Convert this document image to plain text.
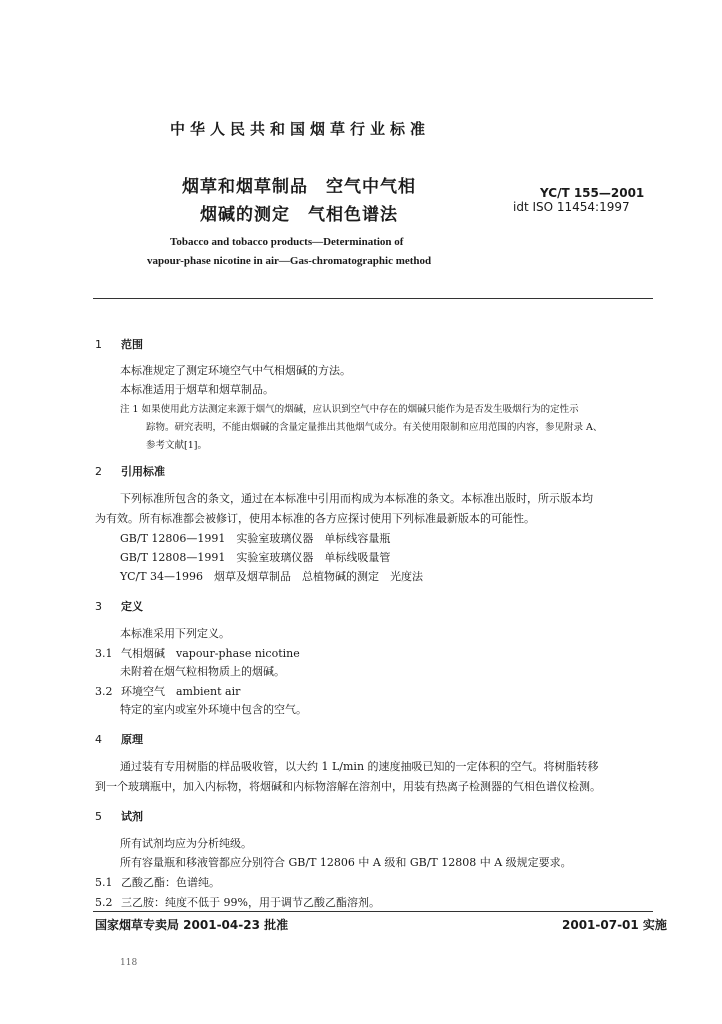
中华人民共和国烟草行业标准
烟草和烟草制品　空气中气相
烟碱的测定　气相色谱法
YC/T 155—2001
idt ISO 11454:1997
Tobacco and tobacco products—Determination of
vapour-phase nicotine in air—Gas-chromatographic method
1 范围
本标准规定了测定环境空气中气相烟碱的方法。
本标准适用于烟草和烟草制品。
注 1 如果使用此方法测定来源于烟气的烟碱，应认识到空气中存在的烟碱只能作为是否发生吸烟行为的定性示
踪物。研究表明，不能由烟碱的含量定量推出其他烟气成分。有关使用限制和应用范围的内容，参见附录 A、
参考文献[1]。
2 引用标准
下列标准所包含的条文，通过在本标准中引用而构成为本标准的条文。本标准出版时，所示版本均
为有效。所有标准都会被修订，使用本标准的各方应探讨使用下列标准最新版本的可能性。
GB/T 12806—1991　实验室玻璃仪器　单标线容量瓶
GB/T 12808—1991　实验室玻璃仪器　单标线吸量管
YC/T 34—1996　烟草及烟草制品　总植物碱的测定　光度法
3 定义
本标准采用下列定义。
3.1 气相烟碱　vapour-phase nicotine
未附着在烟气粒相物质上的烟碱。
3.2 环境空气　ambient air
特定的室内或室外环境中包含的空气。
4 原理
通过装有专用树脂的样品吸收管，以大约 1 L/min 的速度抽吸已知的一定体积的空气。将树脂转移
到一个玻璃瓶中，加入内标物，将烟碱和内标物溶解在溶剂中，用装有热离子检测器的气相色谱仪检测。
5 试剂
所有试剂均应为分析纯级。
所有容量瓶和移液管都应分别符合 GB/T 12806 中 A 级和 GB/T 12808 中 A 级规定要求。
5.1 乙酸乙酯：色谱纯。
5.2 三乙胺：纯度不低于 99%，用于调节乙酸乙酯溶剂。
国家烟草专卖局 2001-04-23 批准	2001-07-01 实施
118
